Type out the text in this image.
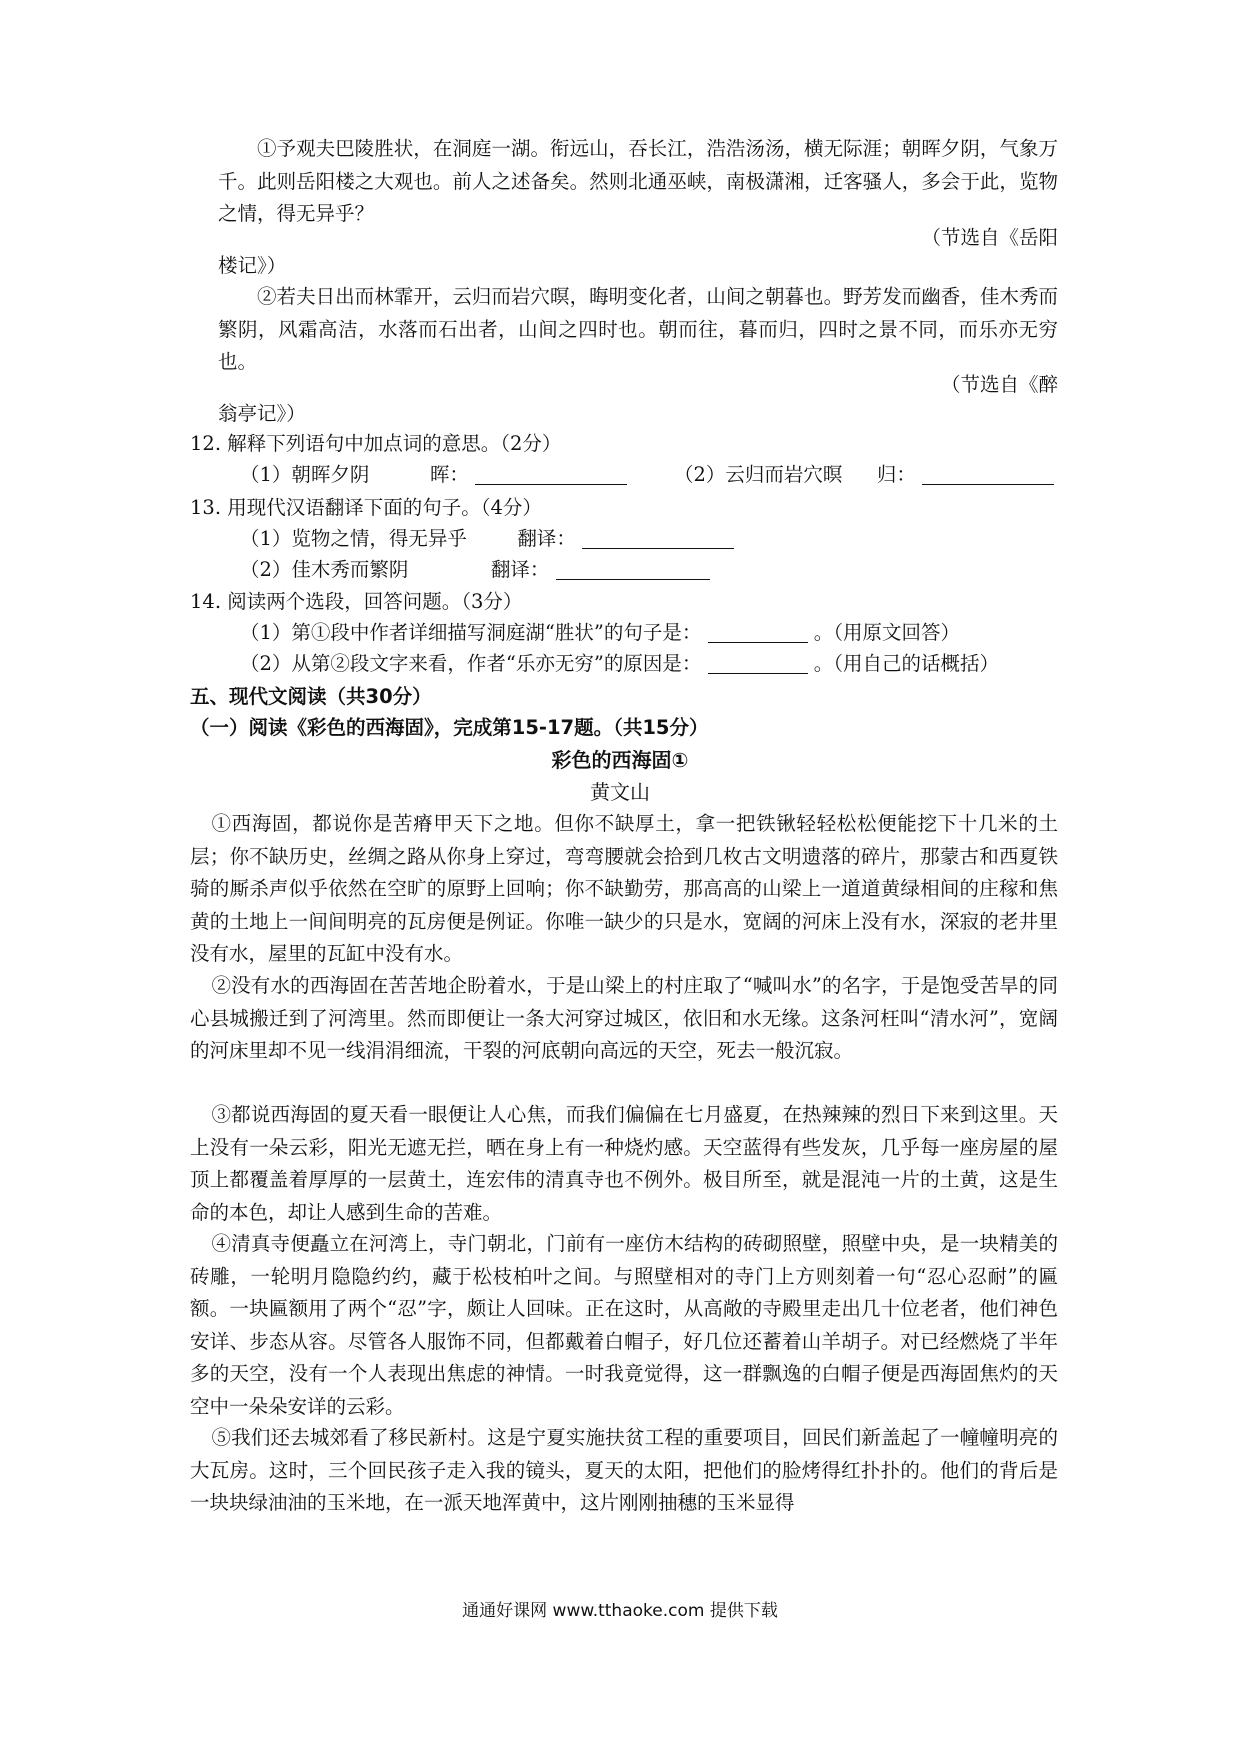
①予观夫巴陵胜状，在洞庭一湖。衔远山，吞长江，浩浩汤汤，横无际涯；朝晖夕阴，气象万千。此则岳阳楼之大观也。前人之述备矣。然则北通巫峡，南极潇湘，迁客骚人，多会于此，览物之情，得无异乎？

（节选自《岳阳

楼记》）

②若夫日出而林霏开，云归而岩穴暝，晦明变化者，山间之朝暮也。野芳发而幽香，佳木秀而繁阴，风霜高洁，水落而石出者，山间之四时也。朝而往，暮而归，四时之景不同，而乐亦无穷也。

（节选自《醉

翁亭记》）

12. 解释下列语句中加点词的意思。（2分）

（1）朝晖夕阴	晖：	（2）云归而岩穴暝 归：

13. 用现代汉语翻译下面的句子。（4分）

（1）览物之情，得无异乎	翻译：

（2）佳木秀而繁阴	翻译：

14. 阅读两个选段，回答问题。（3分）

（1）第①段中作者详细描写洞庭湖“胜状”的句子是：	。（用原文回答）

（2）从第②段文字来看，作者“乐亦无穷”的原因是：	。（用自己的话概括）

五、现代文阅读（共30分）

（一）阅读《彩色的西海固》，完成第15-17题。（共15分）

彩色的西海固①

黄文山

①西海固，都说你是苦瘠甲天下之地。但你不缺厚土，拿一把铁锹轻轻松松便能挖下十几米的土层；你不缺历史，丝绸之路从你身上穿过，弯弯腰就会拾到几枚古文明遗落的碎片，那蒙古和西夏铁骑的厮杀声似乎依然在空旷的原野上回响；你不缺勤劳，那高高的山梁上一道道黄绿相间的庄稼和焦黄的土地上一间间明亮的瓦房便是例证。你唯一缺少的只是水，宽阔的河床上没有水，深寂的老井里没有水，屋里的瓦缸中没有水。

②没有水的西海固在苦苦地企盼着水，于是山梁上的村庄取了“喊叫水”的名字，于是饱受苦旱的同心县城搬迁到了河湾里。然而即便让一条大河穿过城区，依旧和水无缘。这条河枉叫“清水河”，宽阔的河床里却不见一线涓涓细流，干裂的河底朝向高远的天空，死去一般沉寂。

③都说西海固的夏天看一眼便让人心焦，而我们偏偏在七月盛夏，在热辣辣的烈日下来到这里。天上没有一朵云彩，阳光无遮无拦，晒在身上有一种烧灼感。天空蓝得有些发灰，几乎每一座房屋的屋顶上都覆盖着厚厚的一层黄土，连宏伟的清真寺也不例外。极目所至，就是混沌一片的土黄，这是生命的本色，却让人感到生命的苦难。

④清真寺便矗立在河湾上，寺门朝北，门前有一座仿木结构的砖砌照壁，照壁中央，是一块精美的砖雕，一轮明月隐隐约约，藏于松枝柏叶之间。与照壁相对的寺门上方则刻着一句“忍心忍耐”的匾额。一块匾额用了两个“忍”字，颇让人回味。正在这时，从高敞的寺殿里走出几十位老者，他们神色安详、步态从容。尽管各人服饰不同，但都戴着白帽子，好几位还蓄着山羊胡子。对已经燃烧了半年多的天空，没有一个人表现出焦虑的神情。一时我竟觉得，这一群飘逸的白帽子便是西海固焦灼的天空中一朵朵安详的云彩。

⑤我们还去城郊看了移民新村。这是宁夏实施扶贫工程的重要项目，回民们新盖起了一幢幢明亮的大瓦房。这时，三个回民孩子走入我的镜头，夏天的太阳，把他们的脸烤得红扑扑的。他们的背后是一块块绿油油的玉米地，在一派天地浑黄中，这片刚刚抽穗的玉米显得

通通好课网 www.tthaoke.com 提供下载
